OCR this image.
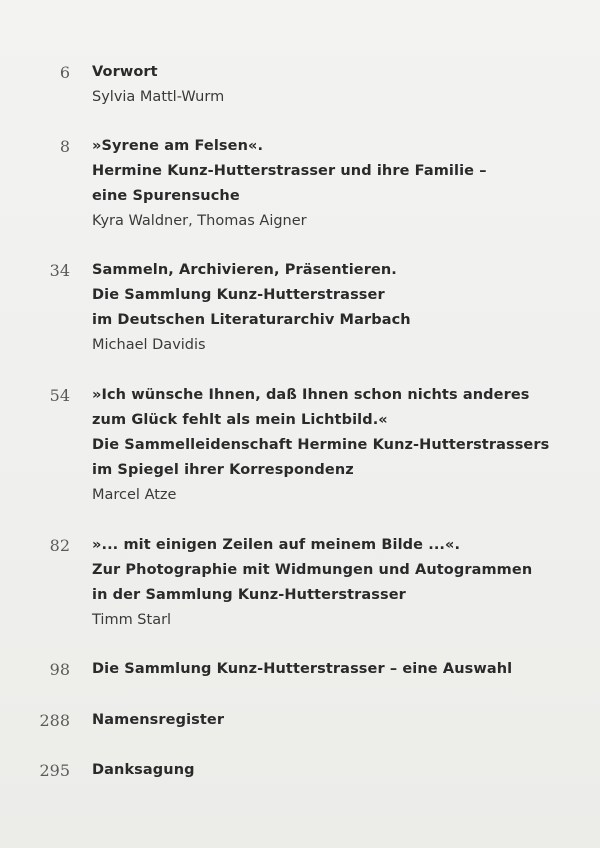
6 Vorwort
Sylvia Mattl-Wurm
8 »Syrene am Felsen«.
Hermine Kunz-Hutterstrasser und ihre Familie –
eine Spurensuche
Kyra Waldner, Thomas Aigner
34 Sammeln, Archivieren, Präsentieren.
Die Sammlung Kunz-Hutterstrasser
im Deutschen Literaturarchiv Marbach
Michael Davidis
54 »Ich wünsche Ihnen, daß Ihnen schon nichts anderes
zum Glück fehlt als mein Lichtbild.«
Die Sammelleidenschaft Hermine Kunz-Hutterstrassers
im Spiegel ihrer Korrespondenz
Marcel Atze
82 »... mit einigen Zeilen auf meinem Bilde ...«.
Zur Photographie mit Widmungen und Autogrammen
in der Sammlung Kunz-Hutterstrasser
Timm Starl
98 Die Sammlung Kunz-Hutterstrasser – eine Auswahl
288 Namensregister
295 Danksagung
